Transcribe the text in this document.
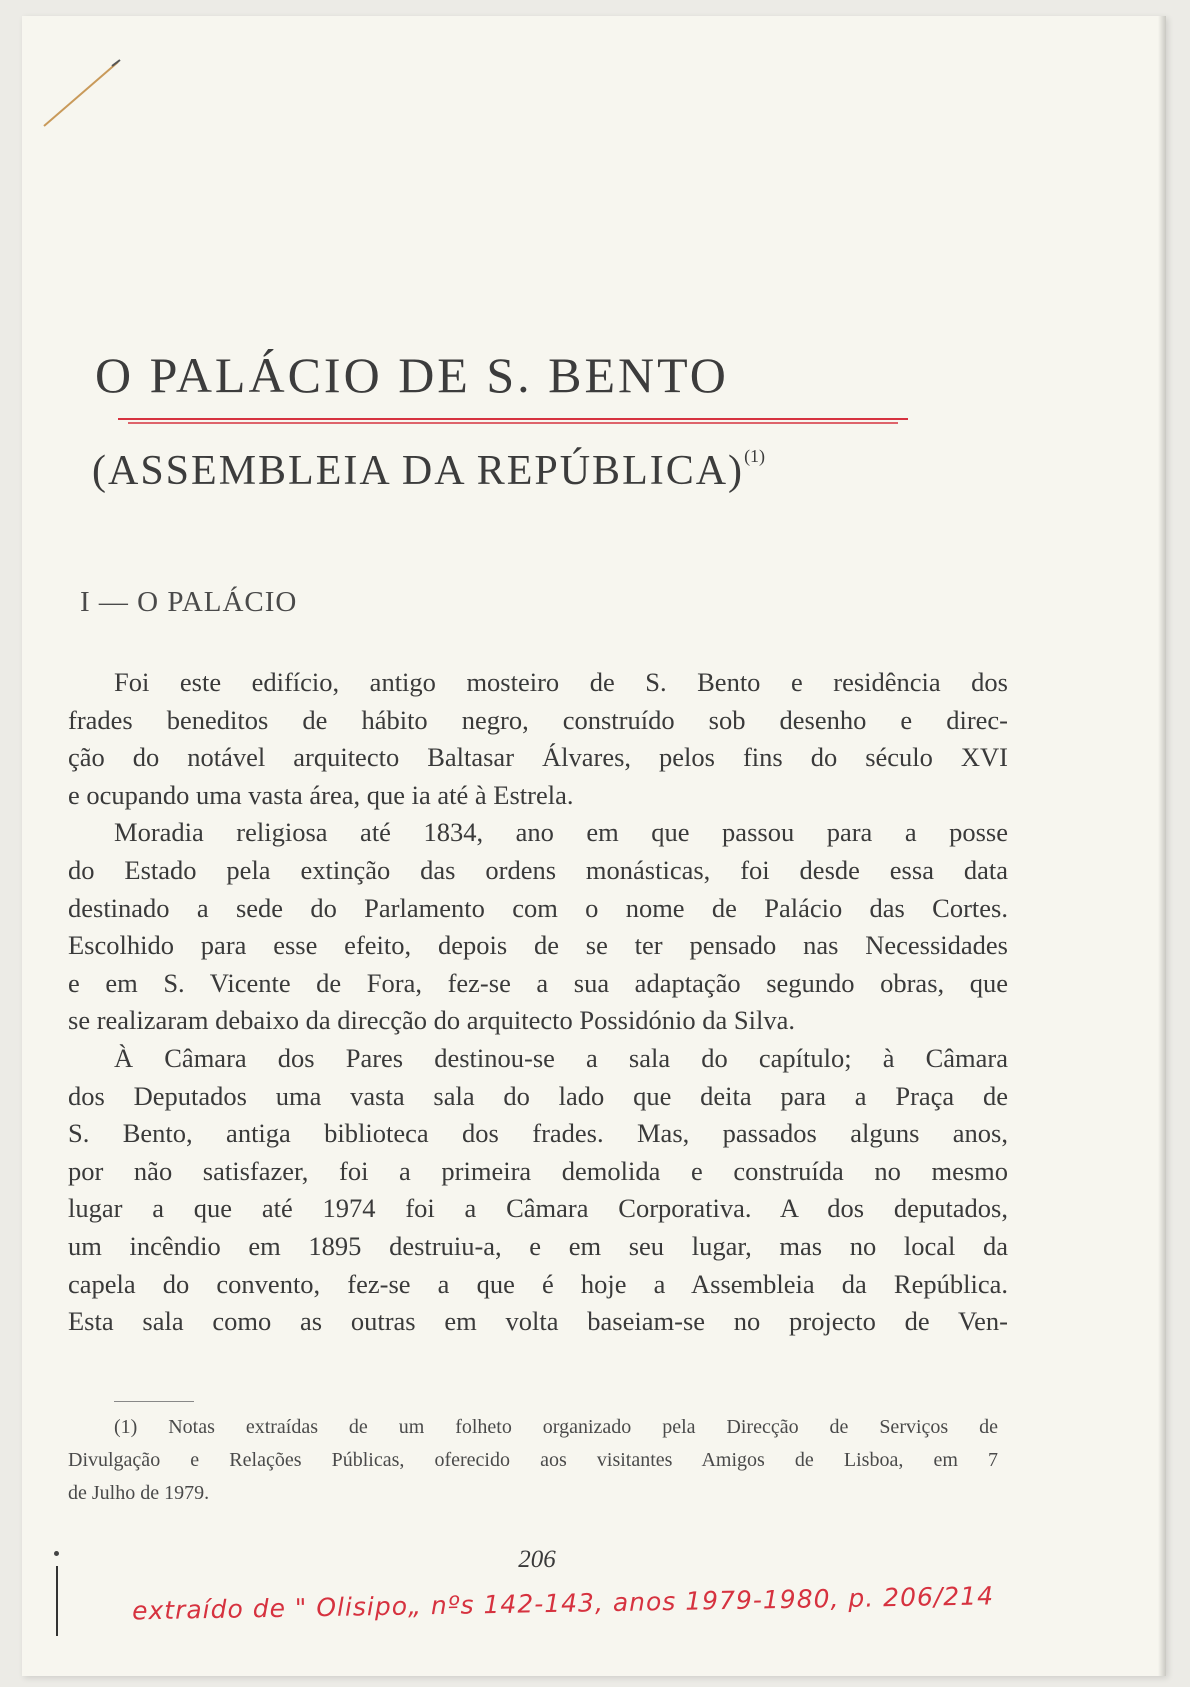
O PALÁCIO DE S. BENTO
(ASSEMBLEIA DA REPÚBLICA)$^{(1)}$
I — O PALÁCIO

Foi este edifício, antigo mosteiro de S. Bento e residência dos

frades beneditos de hábito negro, construído sob desenho e direc-

ção do notável arquitecto Baltasar Álvares, pelos fins do século XVI

e ocupando uma vasta área, que ia até à Estrela.

Moradia religiosa até 1834, ano em que passou para a posse

do Estado pela extinção das ordens monásticas, foi desde essa data

destinado a sede do Parlamento com o nome de Palácio das Cortes.

Escolhido para esse efeito, depois de se ter pensado nas Necessidades

e em S. Vicente de Fora, fez-se a sua adaptação segundo obras, que

se realizaram debaixo da direcção do arquitecto Possidónio da Silva.

À Câmara dos Pares destinou-se a sala do capítulo; à Câmara

dos Deputados uma vasta sala do lado que deita para a Praça de

S. Bento, antiga biblioteca dos frades. Mas, passados alguns anos,

por não satisfazer, foi a primeira demolida e construída no mesmo

lugar a que até 1974 foi a Câmara Corporativa. A dos deputados,

um incêndio em 1895 destruiu-a, e em seu lugar, mas no local da

capela do convento, fez-se a que é hoje a Assembleia da República.

Esta sala como as outras em volta baseiam-se no projecto de Ven-

(1) Notas extraídas de um folheto organizado pela Direcção de Serviços de

Divulgação e Relações Públicas, oferecido aos visitantes Amigos de Lisboa, em 7

de Julho de 1979.

206
extraído de " Olisipo„ nºs 142-143, anos 1979-1980, p. 206/214
